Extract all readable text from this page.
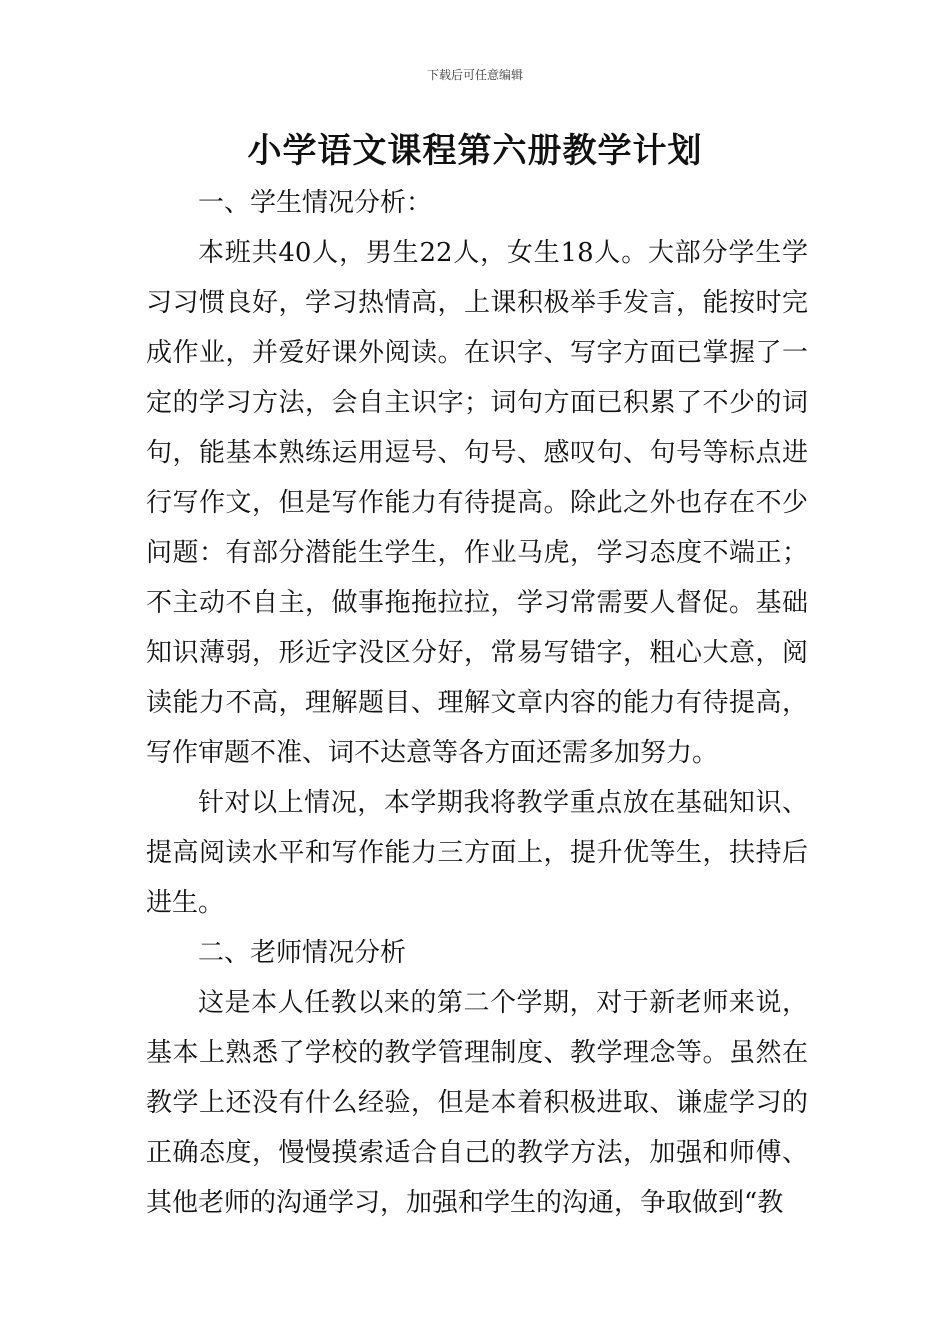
下载后可任意编辑
小学语文课程第六册教学计划

一、学生情况分析：

本班共40人，男生22人，女生18人。大部分学生学习习惯良好，学习热情高，上课积极举手发言，能按时完成作业，并爱好课外阅读。在识字、写字方面已掌握了一定的学习方法，会自主识字；词句方面已积累了不少的词句，能基本熟练运用逗号、句号、感叹句、句号等标点进行写作文，但是写作能力有待提高。除此之外也存在不少问题：有部分潜能生学生，作业马虎，学习态度不端正；不主动不自主，做事拖拖拉拉，学习常需要人督促。基础知识薄弱，形近字没区分好，常易写错字，粗心大意，阅读能力不高，理解题目、理解文章内容的能力有待提高，写作审题不准、词不达意等各方面还需多加努力。

针对以上情况，本学期我将教学重点放在基础知识、提高阅读水平和写作能力三方面上，提升优等生，扶持后进生。

二、老师情况分析

这是本人任教以来的第二个学期，对于新老师来说，基本上熟悉了学校的教学管理制度、教学理念等。虽然在教学上还没有什么经验，但是本着积极进取、谦虚学习的正确态度，慢慢摸索适合自己的教学方法，加强和师傅、其他老师的沟通学习，加强和学生的沟通，争取做到“教
